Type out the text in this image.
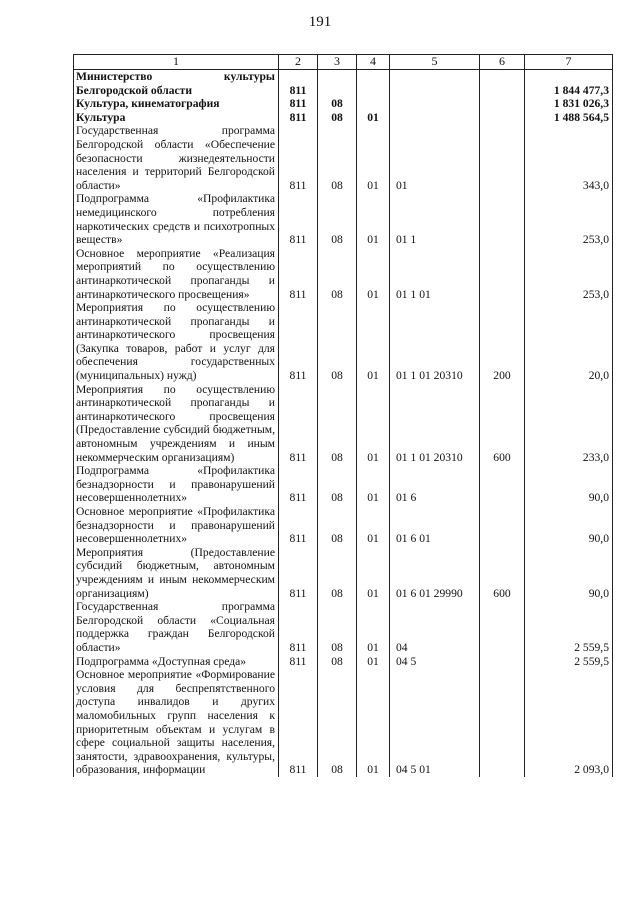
191
1	2	3	4	5	6	7
Министерство культуры Белгородской области	811					1 844 477,3
Культура, кинематография	811	08				1 831 026,3
Культура	811	08	01			1 488 564,5
Государственная программа Белгородской области «Обеспечение безопасности жизнедеятельности населения и территорий Белгородской области»	811	08	01	01		343,0
Подпрограмма «Профилактика немедицинского потребления наркотических средств и психотропных веществ»	811	08	01	01 1		253,0
Основное мероприятие «Реализация мероприятий по осуществлению антинаркотической пропаганды и антинаркотического просвещения»	811	08	01	01 1 01		253,0
Мероприятия по осуществлению антинаркотической пропаганды и антинаркотического просвещения (Закупка товаров, работ и услуг для обеспечения государственных (муниципальных) нужд)	811	08	01	01 1 01 20310	200	20,0
Мероприятия по осуществлению антинаркотической пропаганды и антинаркотического просвещения (Предоставление субсидий бюджетным, автономным учреждениям и иным некоммерческим организациям)	811	08	01	01 1 01 20310	600	233,0
Подпрограмма «Профилактика безнадзорности и правонарушений несовершеннолетних»	811	08	01	01 6		90,0
Основное мероприятие «Профилактика безнадзорности и правонарушений несовершеннолетних»	811	08	01	01 6 01		90,0
Мероприятия (Предоставление субсидий бюджетным, автономным учреждениям и иным некоммерческим организациям)	811	08	01	01 6 01 29990	600	90,0
Государственная программа Белгородской области «Социальная поддержка граждан Белгородской области»	811	08	01	04		2 559,5
Подпрограмма «Доступная среда»	811	08	01	04 5		2 559,5
Основное мероприятие «Формирование условия для беспрепятственного доступа инвалидов и других маломобильных групп населения к приоритетным объектам и услугам в сфере социальной защиты населения, занятости, здравоохранения, культуры, образования, информации	811	08	01	04 5 01		2 093,0
